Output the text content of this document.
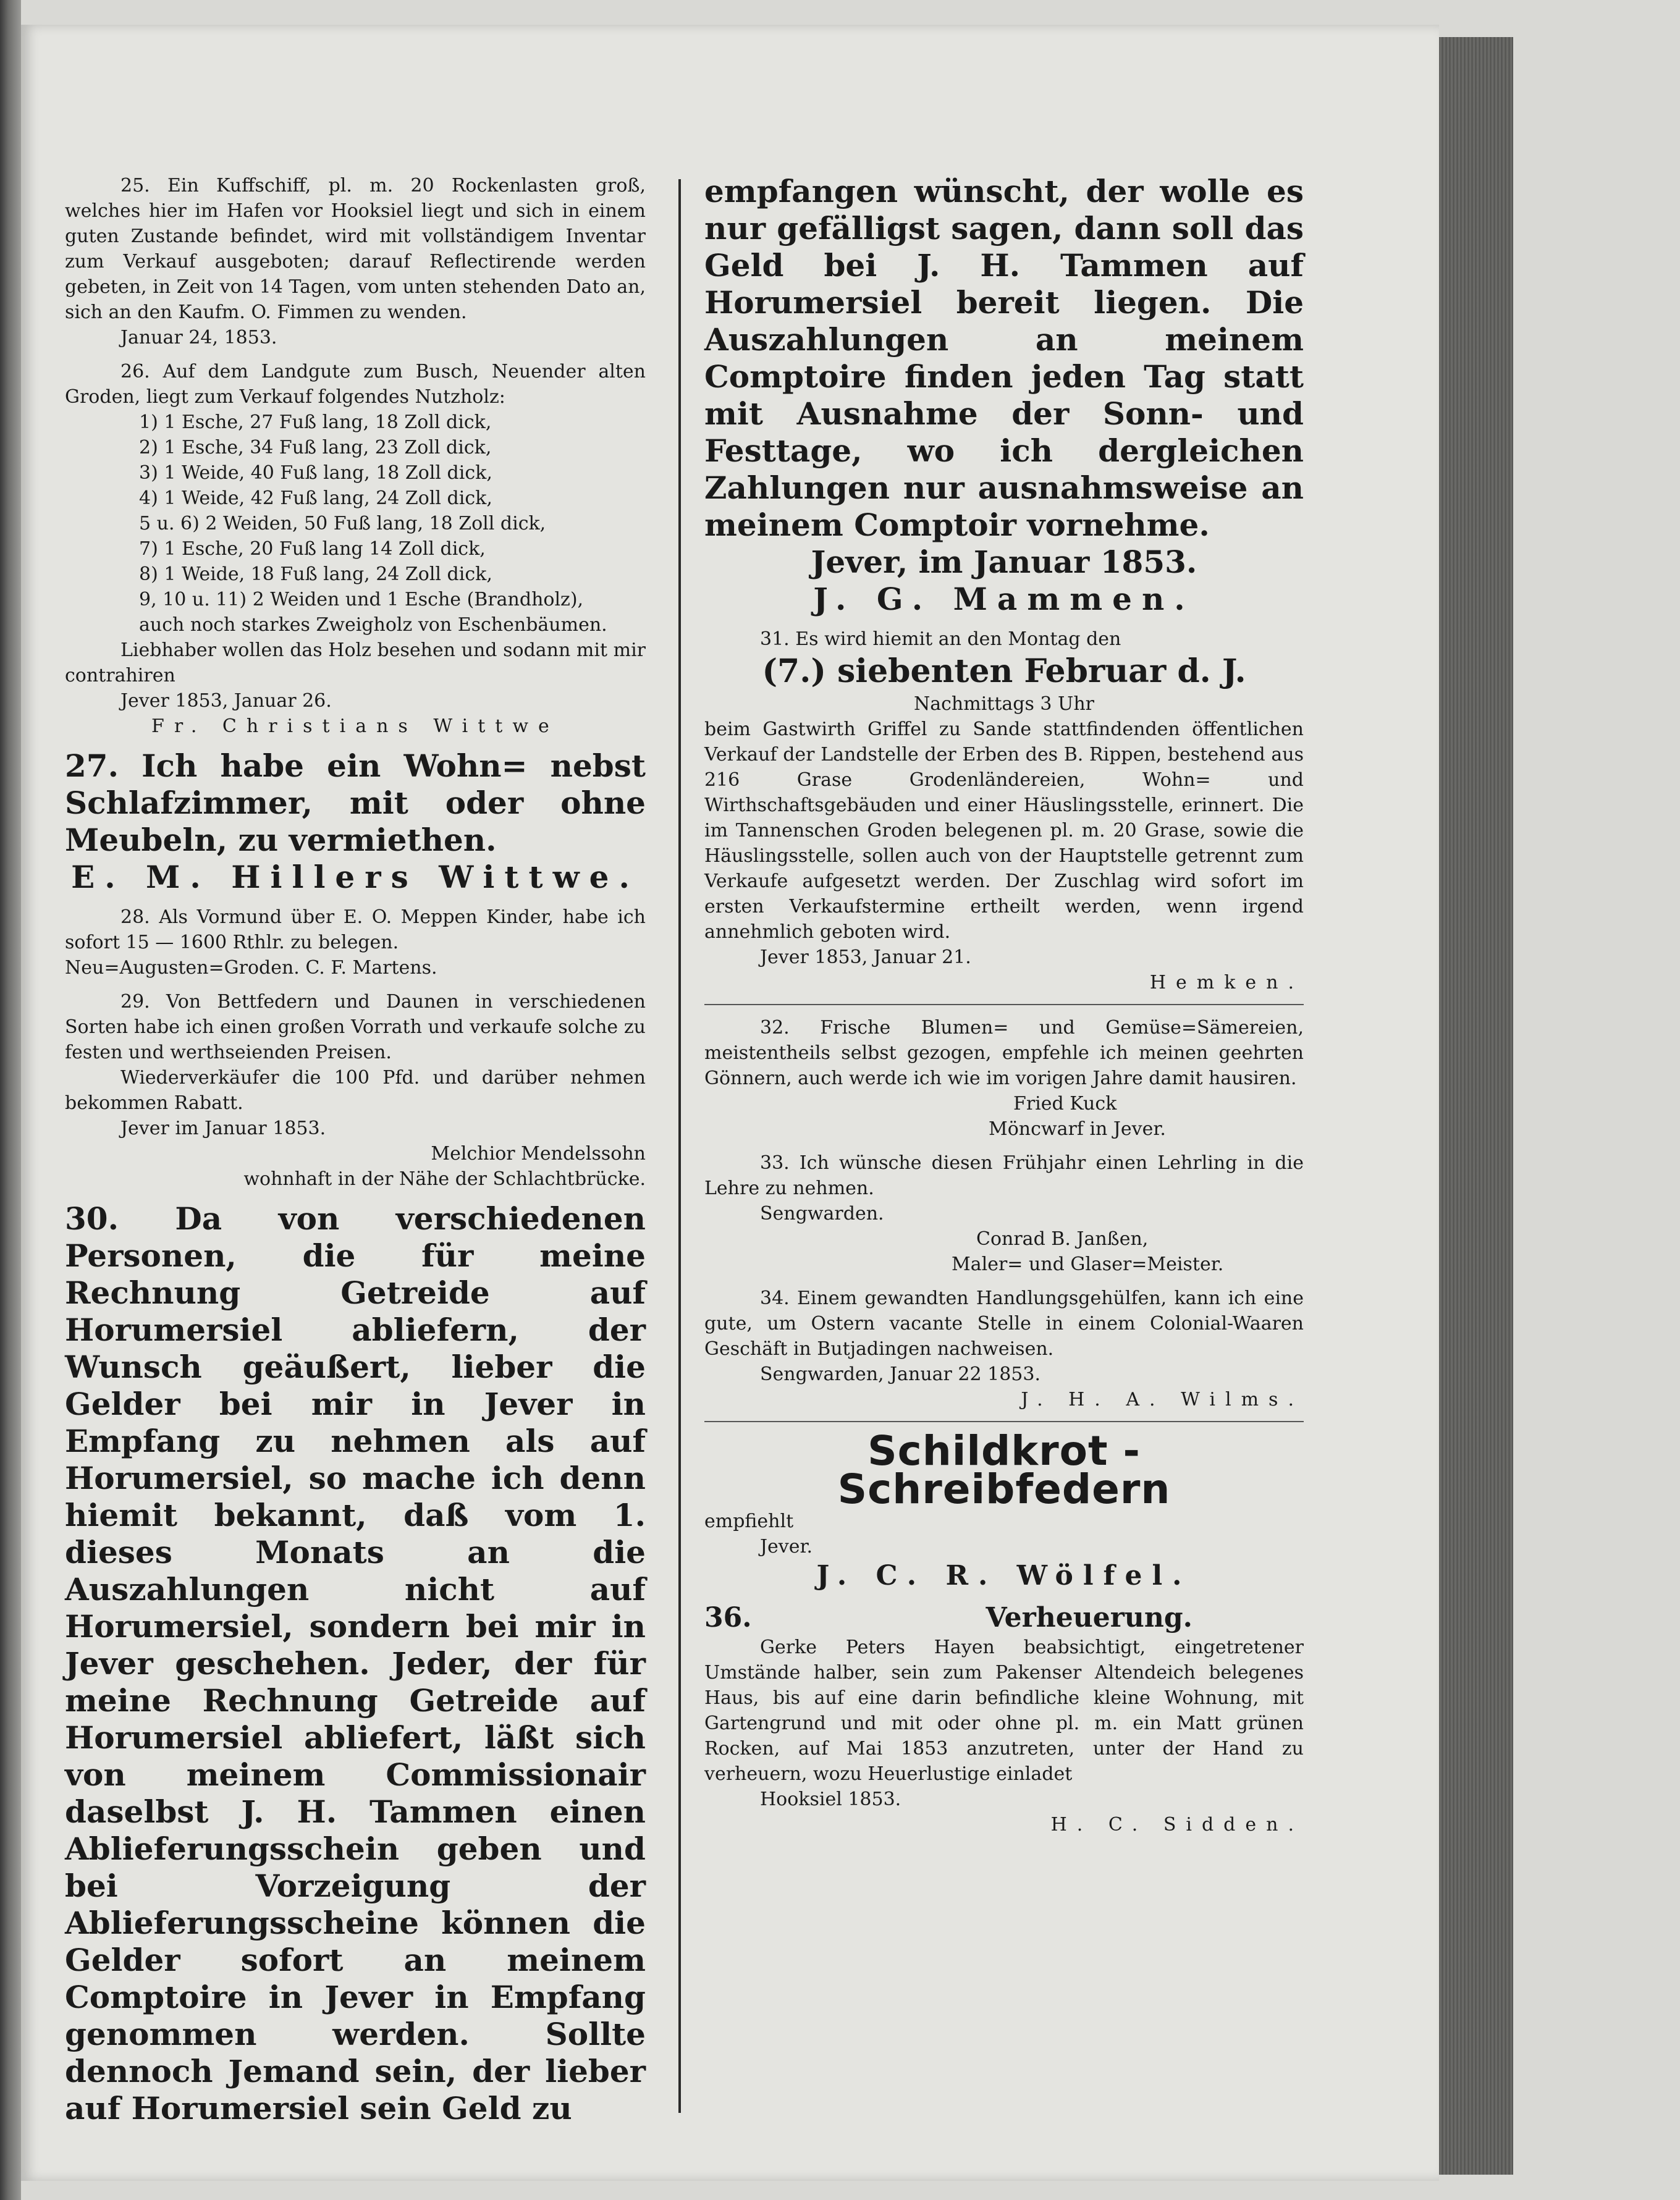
25. Ein Kuffschiff, pl. m. 20 Rockenlasten groß, welches hier im Hafen vor Hooksiel liegt und sich in einem guten Zustande befindet, wird mit vollständigem Inventar zum Verkauf ausgeboten; darauf Reflectirende werden gebeten, in Zeit von 14 Tagen, vom unten stehenden Dato an, sich an den Kaufm. O. Fimmen zu wenden.

Januar 24, 1853.

26. Auf dem Landgute zum Busch, Neuender alten Groden, liegt zum Verkauf folgendes Nutzholz:

1) 1 Esche, 27 Fuß lang, 18 Zoll dick,

2) 1 Esche, 34 Fuß lang, 23 Zoll dick,

3) 1 Weide, 40 Fuß lang, 18 Zoll dick,

4) 1 Weide, 42 Fuß lang, 24 Zoll dick,

5 u. 6) 2 Weiden, 50 Fuß lang, 18 Zoll dick,

7) 1 Esche, 20 Fuß lang 14 Zoll dick,

8) 1 Weide, 18 Fuß lang, 24 Zoll dick,

9, 10 u. 11) 2 Weiden und 1 Esche (Brandholz),

auch noch starkes Zweigholz von Eschenbäumen.

Liebhaber wollen das Holz besehen und sodann mit mir contrahiren

Jever 1853, Januar 26.

Fr. Christians Wittwe

27. Ich habe ein Wohn= nebst Schlafzimmer, mit oder ohne Meubeln, zu vermiethen.
E. M. Hillers Wittwe.

28. Als Vormund über E. O. Meppen Kinder, habe ich sofort 15 — 1600 Rthlr. zu belegen.

Neu=Augusten=Groden. C. F. Martens.

29. Von Bettfedern und Daunen in verschiedenen Sorten habe ich einen großen Vorrath und verkaufe solche zu festen und werthseienden Preisen.

Wiederverkäufer die 100 Pfd. und darüber nehmen bekommen Rabatt.

Jever im Januar 1853.

Melchior Mendelssohn

wohnhaft in der Nähe der Schlachtbrücke.

30. Da von verschiedenen Personen, die für meine Rechnung Getreide auf Horumersiel abliefern, der Wunsch geäußert, lieber die Gelder bei mir in Jever in Empfang zu nehmen als auf Horumersiel, so mache ich denn hiemit bekannt, daß vom 1. dieses Monats an die Auszahlungen nicht auf Horumersiel, sondern bei mir in Jever geschehen. Jeder, der für meine Rechnung Getreide auf Horumersiel abliefert, läßt sich von meinem Commissionair daselbst J. H. Tammen einen Ablieferungsschein geben und bei Vorzeigung der Ablieferungsscheine können die Gelder sofort an meinem Comptoire in Jever in Empfang genommen werden. Sollte dennoch Jemand sein, der lieber auf Horumersiel sein Geld zu
empfangen wünscht, der wolle es nur gefälligst sagen, dann soll das Geld bei J. H. Tammen auf Horumersiel bereit liegen. Die Auszahlungen an meinem Comptoire finden jeden Tag statt mit Ausnahme der Sonn- und Festtage, wo ich dergleichen Zahlungen nur ausnahmsweise an meinem Comptoir vornehme.
Jever, im Januar 1853.
J. G. Mammen.

31. Es wird hiemit an den Montag den

(7.) siebenten Februar d. J.

Nachmittags 3 Uhr

beim Gastwirth Griffel zu Sande stattfindenden öffentlichen Verkauf der Landstelle der Erben des B. Rippen, bestehend aus 216 Grase Grodenländereien, Wohn= und Wirthschaftsgebäuden und einer Häuslingsstelle, erinnert. Die im Tannenschen Groden belegenen pl. m. 20 Grase, sowie die Häuslingsstelle, sollen auch von der Hauptstelle getrennt zum Verkaufe aufgesetzt werden. Der Zuschlag wird sofort im ersten Verkaufstermine ertheilt werden, wenn irgend annehmlich geboten wird.

Jever 1853, Januar 21.

Hemken.

32. Frische Blumen= und Gemüse=Sämereien, meistentheils selbst gezogen, empfehle ich meinen geehrten Gönnern, auch werde ich wie im vorigen Jahre damit hausiren.

Fried Kuck

Möncwarf in Jever.

33. Ich wünsche diesen Frühjahr einen Lehrling in die Lehre zu nehmen.

Sengwarden.

Conrad B. Janßen,

Maler= und Glaser=Meister.

34. Einem gewandten Handlungsgehülfen, kann ich eine gute, um Ostern vacante Stelle in einem Colonial-Waaren Geschäft in Butjadingen nachweisen.

Sengwarden, Januar 22 1853.

J. H. A. Wilms.

Schildkrot - Schreibfedern
empfiehlt
Jever.
J. C. R. Wölfel.
36.	Verheuerung.

Gerke Peters Hayen beabsichtigt, eingetretener Umstände halber, sein zum Pakenser Altendeich belegenes Haus, bis auf eine darin befindliche kleine Wohnung, mit Gartengrund und mit oder ohne pl. m. ein Matt grünen Rocken, auf Mai 1853 anzutreten, unter der Hand zu verheuern, wozu Heuerlustige einladet

Hooksiel 1853.

H. C. Sidden.
